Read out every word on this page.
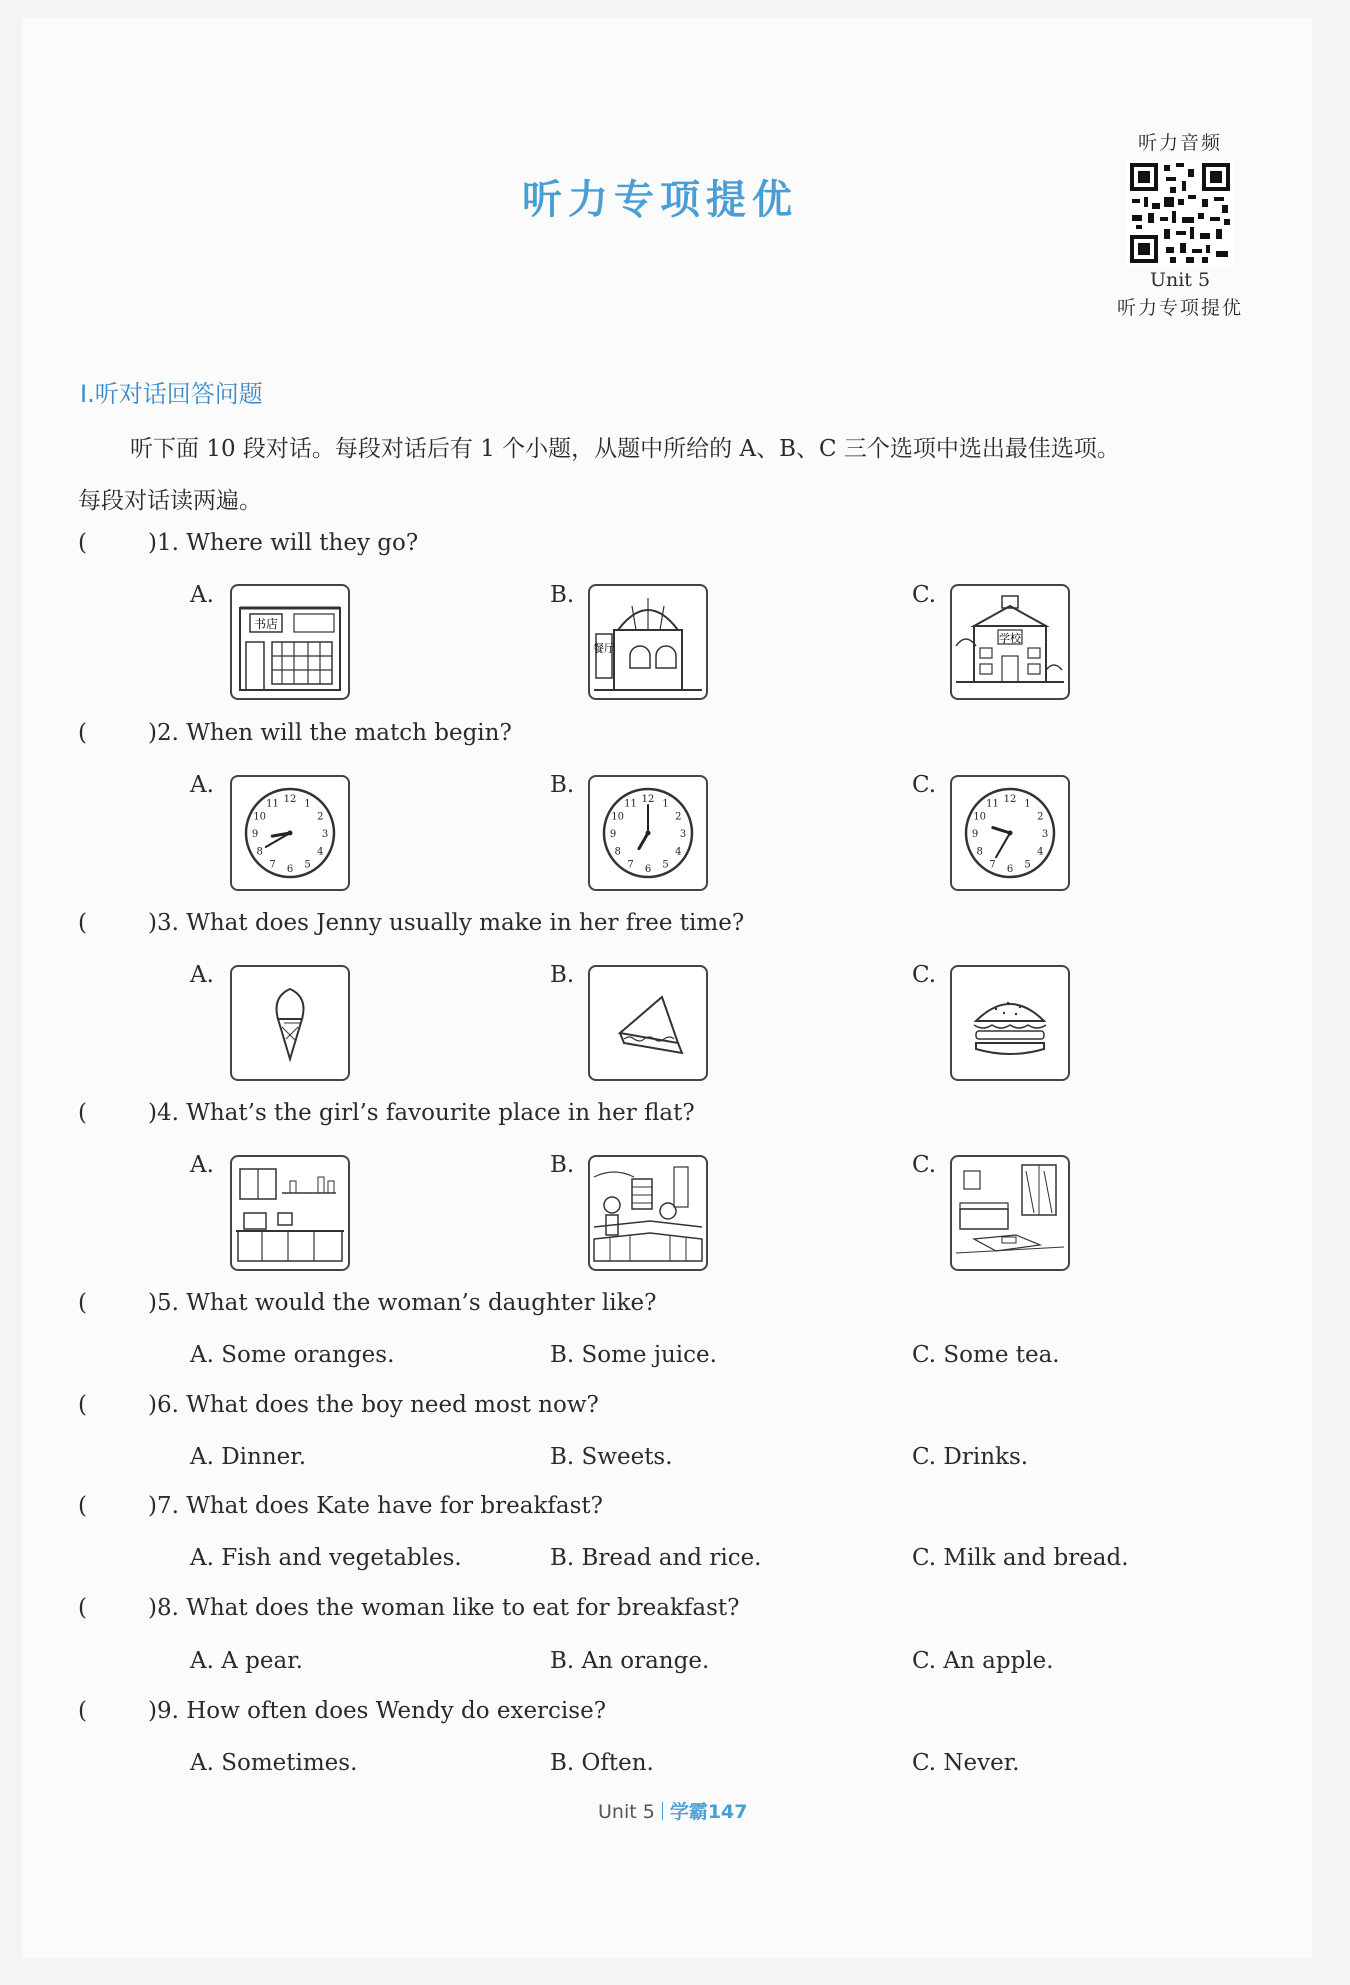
听力专项提优
听力音频
Unit 5
听力专项提优
Ⅰ.听对话回答问题
听下面 10 段对话。每段对话后有 1 个小题，从题中所给的 A、B、C 三个选项中选出最佳选项。
每段对话读两遍。
(	)1. Where will they go?
A.	B.	C.
书店
餐厅
学校
(	)2. When will the match begin?
A.	B.	C.
1
2
3
4
5
6
7
8
9
10
11 12	1
2
3
4
5
6
7
8
9
10
11 12	1
2
3
4
5
6
7
8
9
10
11 12
(	)3. What does Jenny usually make in her free time?
A.	B.	C.
(	)4. What’s the girl’s favourite place in her flat?
A.	B.	C.
(	)5. What would the woman’s daughter like?
A. Some oranges.	B. Some juice.	C. Some tea.
(	)6. What does the boy need most now?
A. Dinner.	B. Sweets.	C. Drinks.
(	)7. What does Kate have for breakfast?
A. Fish and vegetables.	B. Bread and rice.	C. Milk and bread.
(	)8. What does the woman like to eat for breakfast?
A. A pear.	B. An orange.	C. An apple.
(	)9. How often does Wendy do exercise?
A. Sometimes.	B. Often.	C. Never.
Unit 5 学霸147
